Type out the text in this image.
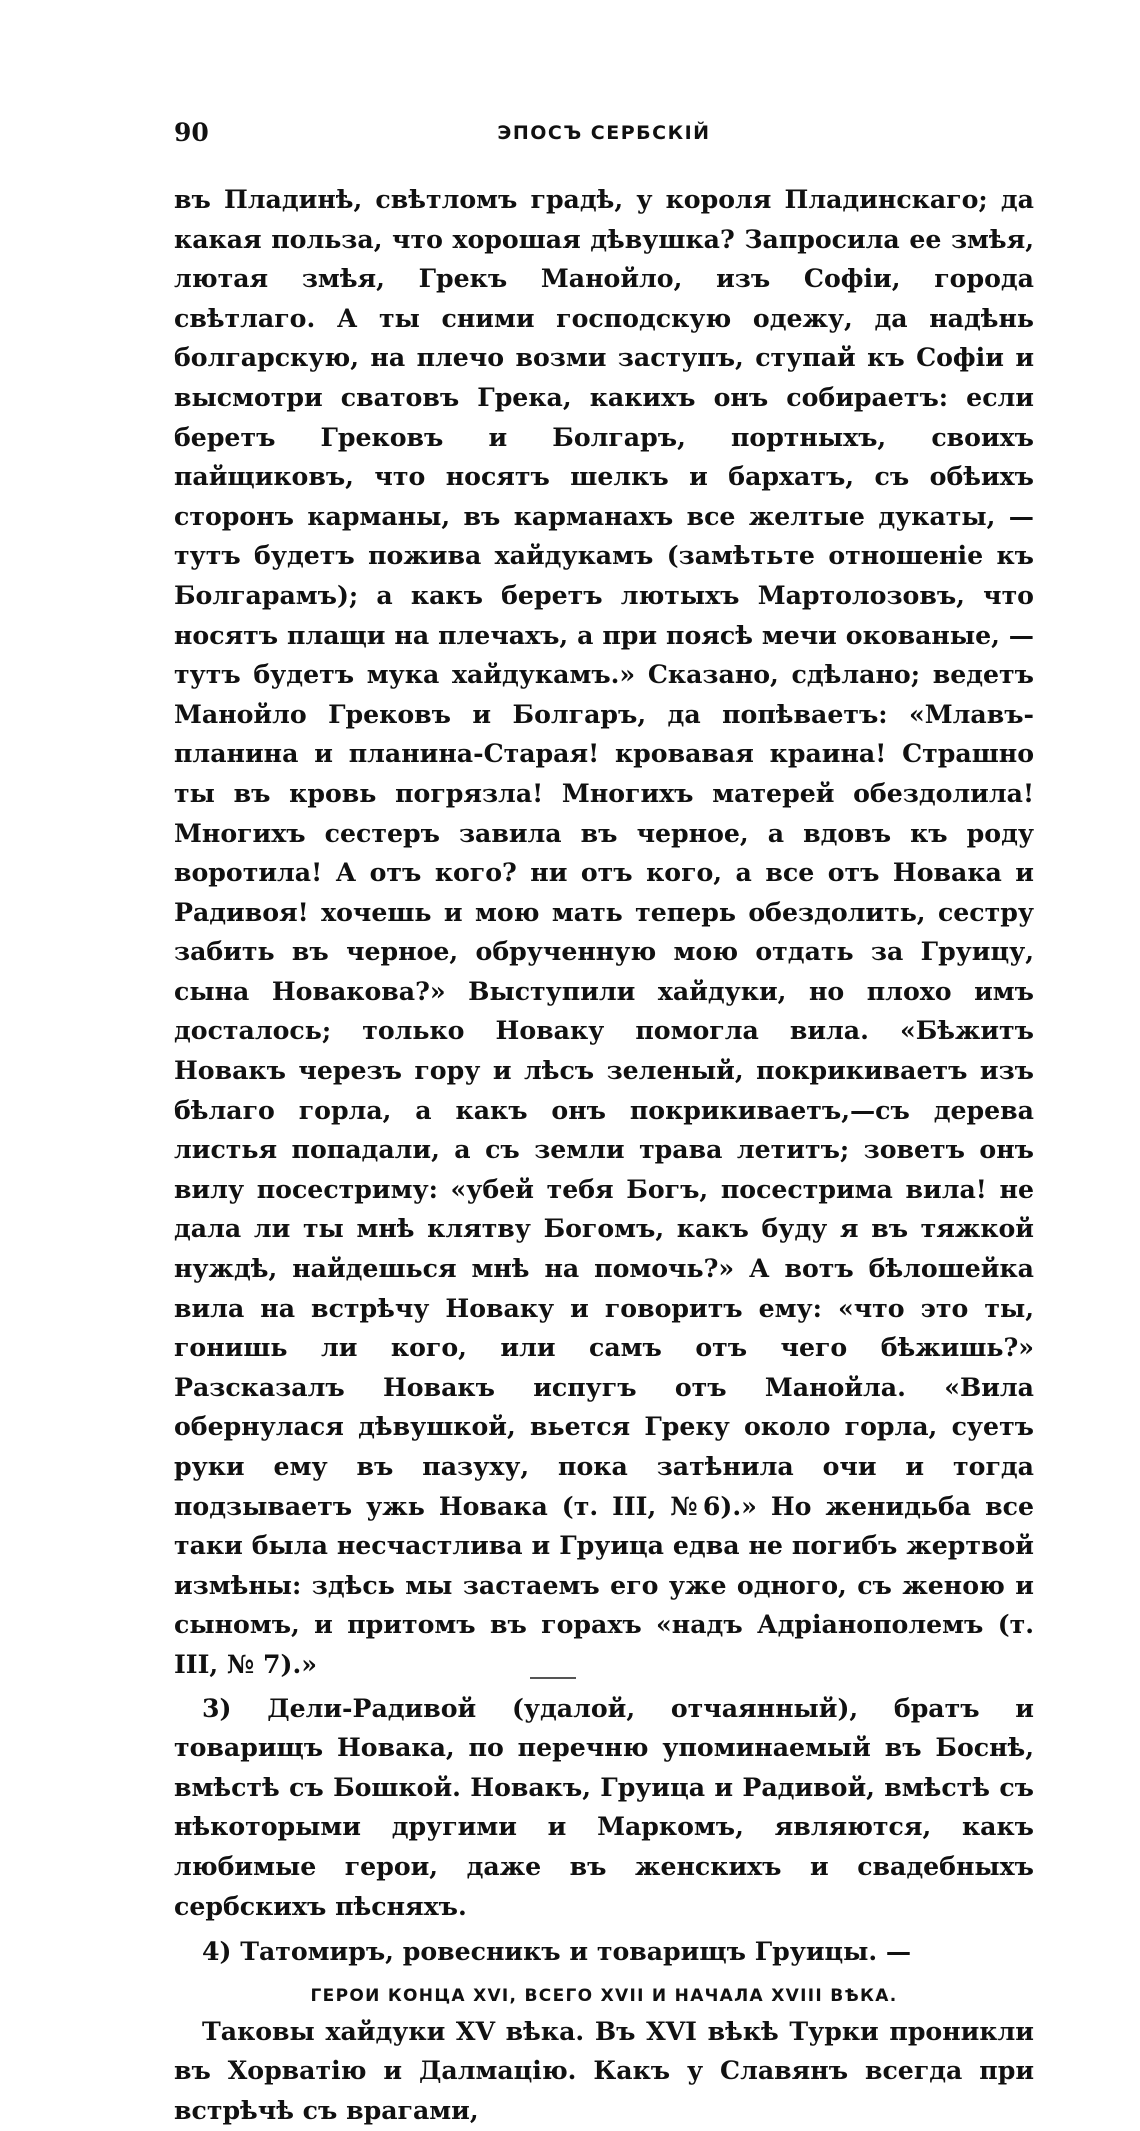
90	ЭПОСЪ СЕРБСКІЙ

въ Пладинѣ, свѣтломъ градѣ, у короля Пладинскаго; да какая польза, что хорошая дѣвушка? Запросила ее змѣя, лютая змѣя, Грекъ Манойло, изъ Софіи, города свѣтлаго. А ты сними господскую одежу, да надѣнь болгарскую, на плечо возми заступъ, ступай къ Софіи и высмотри сватовъ Грека, какихъ онъ собираетъ: если беретъ Грековъ и Болгаръ, портныхъ, своихъ пайщиковъ, что носятъ шелкъ и бархатъ, съ обѣихъ сторонъ карманы, въ карманахъ все желтые дукаты, — тутъ будетъ пожива хайдукамъ (замѣтьте отношеніе къ Болгарамъ); а какъ беретъ лютыхъ Мартолозовъ, что носятъ плащи на плечахъ, а при поясѣ мечи окованые, — тутъ будетъ мука хайдукамъ.» Сказано, сдѣлано; ведетъ Манойло Грековъ и Болгаръ, да попѣваетъ: «Млавъ-планина и планина-Старая! кровавая краина! Страшно ты въ кровь погрязла! Многихъ матерей обездолила! Многихъ сестеръ завила въ черное, а вдовъ къ роду воротила! А отъ кого? ни отъ кого, а все отъ Новака и Радивоя! хочешь и мою мать теперь обездолить, сестру забить въ черное, обрученную мою отдать за Груицу, сына Новакова?» Выступили хайдуки, но плохо имъ досталось; только Новаку помогла вила. «Бѣжитъ Новакъ черезъ гору и лѣсъ зеленый, покрикиваетъ изъ бѣлаго горла, а какъ онъ покрикиваетъ,—съ дерева листья попадали, а съ земли трава летитъ; зоветъ онъ вилу посестриму: «убей тебя Богъ, посестрима вила! не дала ли ты мнѣ клятву Богомъ, какъ буду я въ тяжкой нуждѣ, найдешься мнѣ на помочь?» А вотъ бѣлошейка вила на встрѣчу Новаку и говоритъ ему: «что это ты, гонишь ли кого, или самъ отъ чего бѣжишь?» Разсказалъ Новакъ испугъ отъ Манойла. «Вила обернулася дѣвушкой, вьется Греку около горла, суетъ руки ему въ пазуху, пока затѣнила очи и тогда подзываетъ ужь Новака (т. III, №6).» Но женидьба все таки была несчастлива и Груица едва не погибъ жертвой измѣны: здѣсь мы застаемъ его уже одного, съ женою и сыномъ, и притомъ въ горахъ «надъ Адріанополемъ (т. III, № 7).»

3) Дели-Радивой (удалой, отчаянный), братъ и товарищъ Новака, по перечню упоминаемый въ Боснѣ, вмѣстѣ съ Бошкой. Новакъ, Груица и Радивой, вмѣстѣ съ нѣкоторыми другими и Маркомъ, являются, какъ любимые герои, даже въ женскихъ и свадебныхъ сербскихъ пѣсняхъ.

4) Татомиръ, ровесникъ и товарищъ Груицы. —

ГЕРОИ КОНЦА XVI, ВСЕГО XVII И НАЧАЛА XVIII ВѢКА.

Таковы хайдуки XV вѣка. Въ XVI вѣкѣ Турки проникли въ Хорватію и Далмацію. Какъ у Славянъ всегда при встрѣчѣ съ врагами,
